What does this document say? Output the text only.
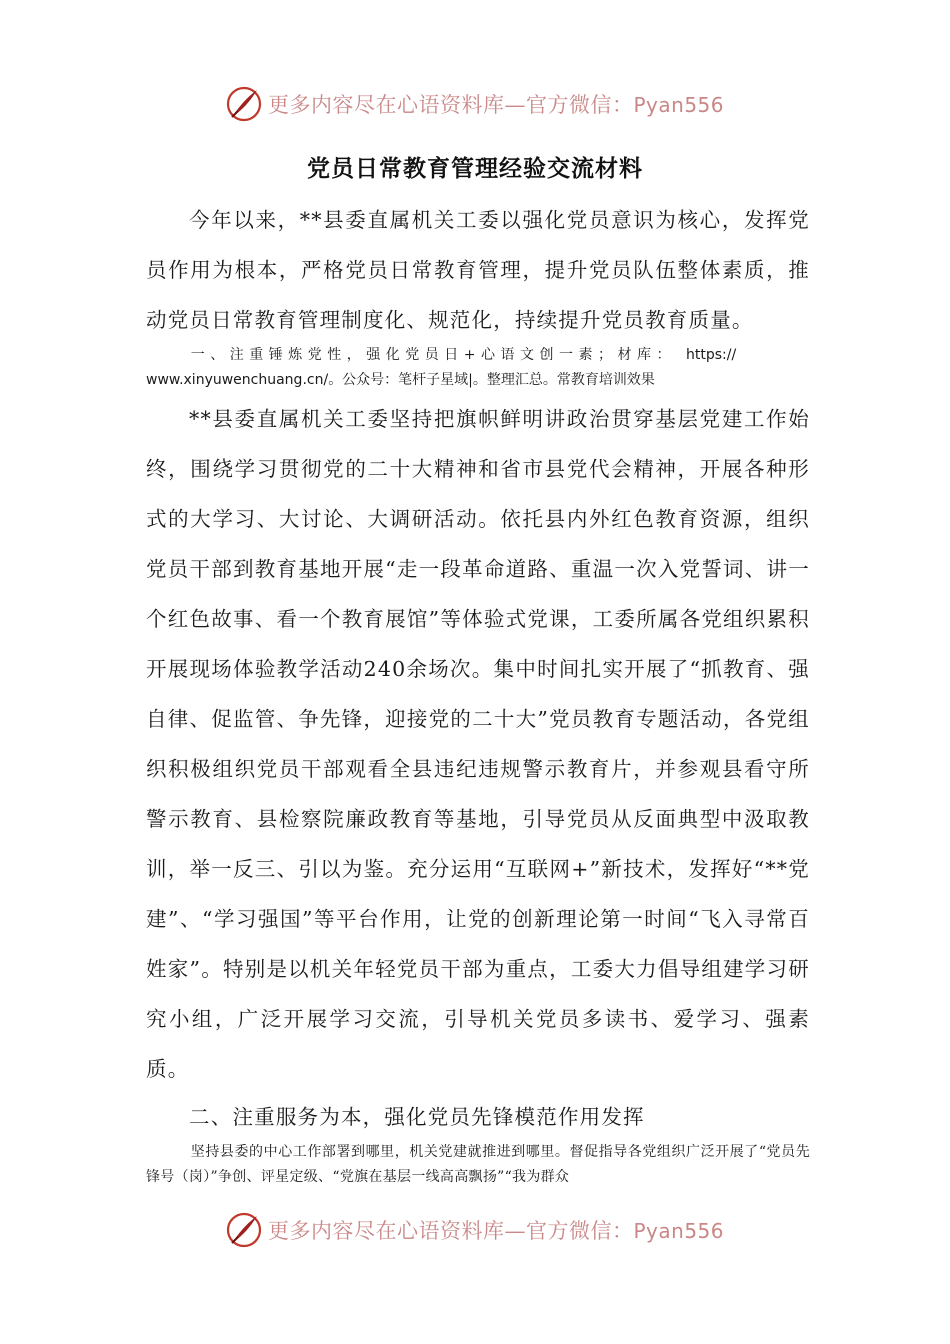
更多内容尽在心语资料库—官方微信：Pyan556
党员日常教育管理经验交流材料

今年以来，**县委直属机关工委以强化党员意识为核心，发挥党员作用为根本，严格党员日常教育管理，提升党员队伍整体素质，推动党员日常教育管理制度化、规范化，持续提升党员教育质量。

一、注重锤炼党性，强化党员日+心语文创一素；材库： https://
www.xinyuwenchuang.cn/。公众号：笔杆子星域|。整理汇总。常教育培训效果

**县委直属机关工委坚持把旗帜鲜明讲政治贯穿基层党建工作始终，围绕学习贯彻党的二十大精神和省市县党代会精神，开展各种形式的大学习、大讨论、大调研活动。依托县内外红色教育资源，组织党员干部到教育基地开展“走一段革命道路、重温一次入党誓词、讲一个红色故事、看一个教育展馆”等体验式党课，工委所属各党组织累积开展现场体验教学活动240余场次。集中时间扎实开展了“抓教育、强自律、促监管、争先锋，迎接党的二十大”党员教育专题活动，各党组织积极组织党员干部观看全县违纪违规警示教育片，并参观县看守所警示教育、县检察院廉政教育等基地，引导党员从反面典型中汲取教训，举一反三、引以为鉴。充分运用“互联网+”新技术，发挥好“**党建”、“学习强国”等平台作用，让党的创新理论第一时间“飞入寻常百姓家”。特别是以机关年轻党员干部为重点，工委大力倡导组建学习研究小组，广泛开展学习交流，引导机关党员多读书、爱学习、强素质。

二、注重服务为本，强化党员先锋模范作用发挥

坚持县委的中心工作部署到哪里，机关党建就推进到哪里。督促指导各党组织广泛开展了“党员先锋号（岗）”争创、评星定级、“党旗在基层一线高高飘扬”“我为群众

更多内容尽在心语资料库—官方微信：Pyan556
